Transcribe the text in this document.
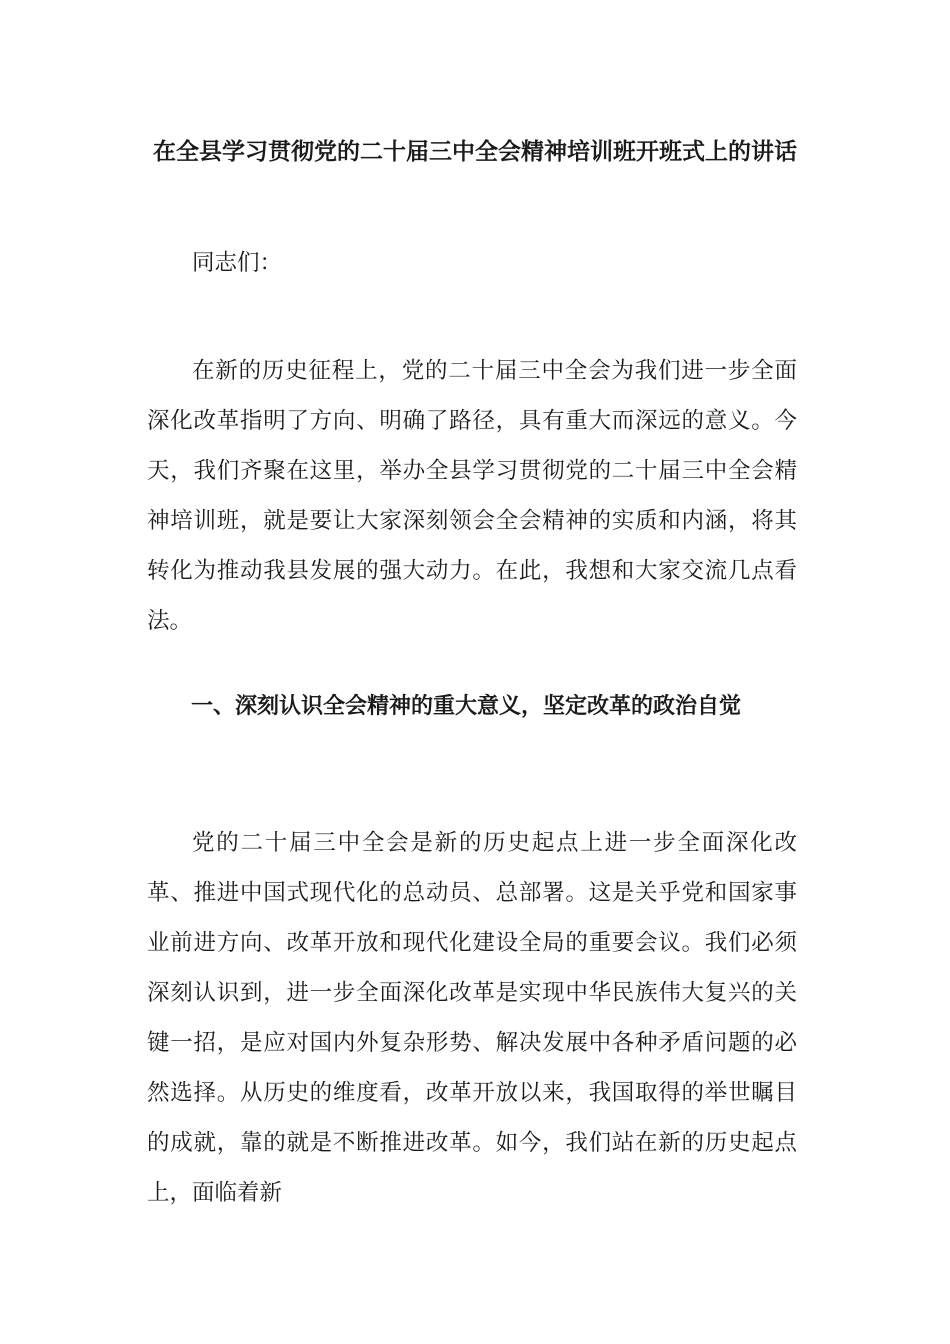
在全县学习贯彻党的二十届三中全会精神培训班开班式上的讲话

同志们：

在新的历史征程上，党的二十届三中全会为我们进一步全面深化改革指明了方向、明确了路径，具有重大而深远的意义。今天，我们齐聚在这里，举办全县学习贯彻党的二十届三中全会精神培训班，就是要让大家深刻领会全会精神的实质和内涵，将其转化为推动我县发展的强大动力。在此，我想和大家交流几点看法。

一、深刻认识全会精神的重大意义，坚定改革的政治自觉

党的二十届三中全会是新的历史起点上进一步全面深化改革、推进中国式现代化的总动员、总部署。这是关乎党和国家事业前进方向、改革开放和现代化建设全局的重要会议。我们必须深刻认识到，进一步全面深化改革是实现中华民族伟大复兴的关键一招，是应对国内外复杂形势、解决发展中各种矛盾问题的必然选择。从历史的维度看，改革开放以来，我国取得的举世瞩目的成就，靠的就是不断推进改革。如今，我们站在新的历史起点上，面临着新
